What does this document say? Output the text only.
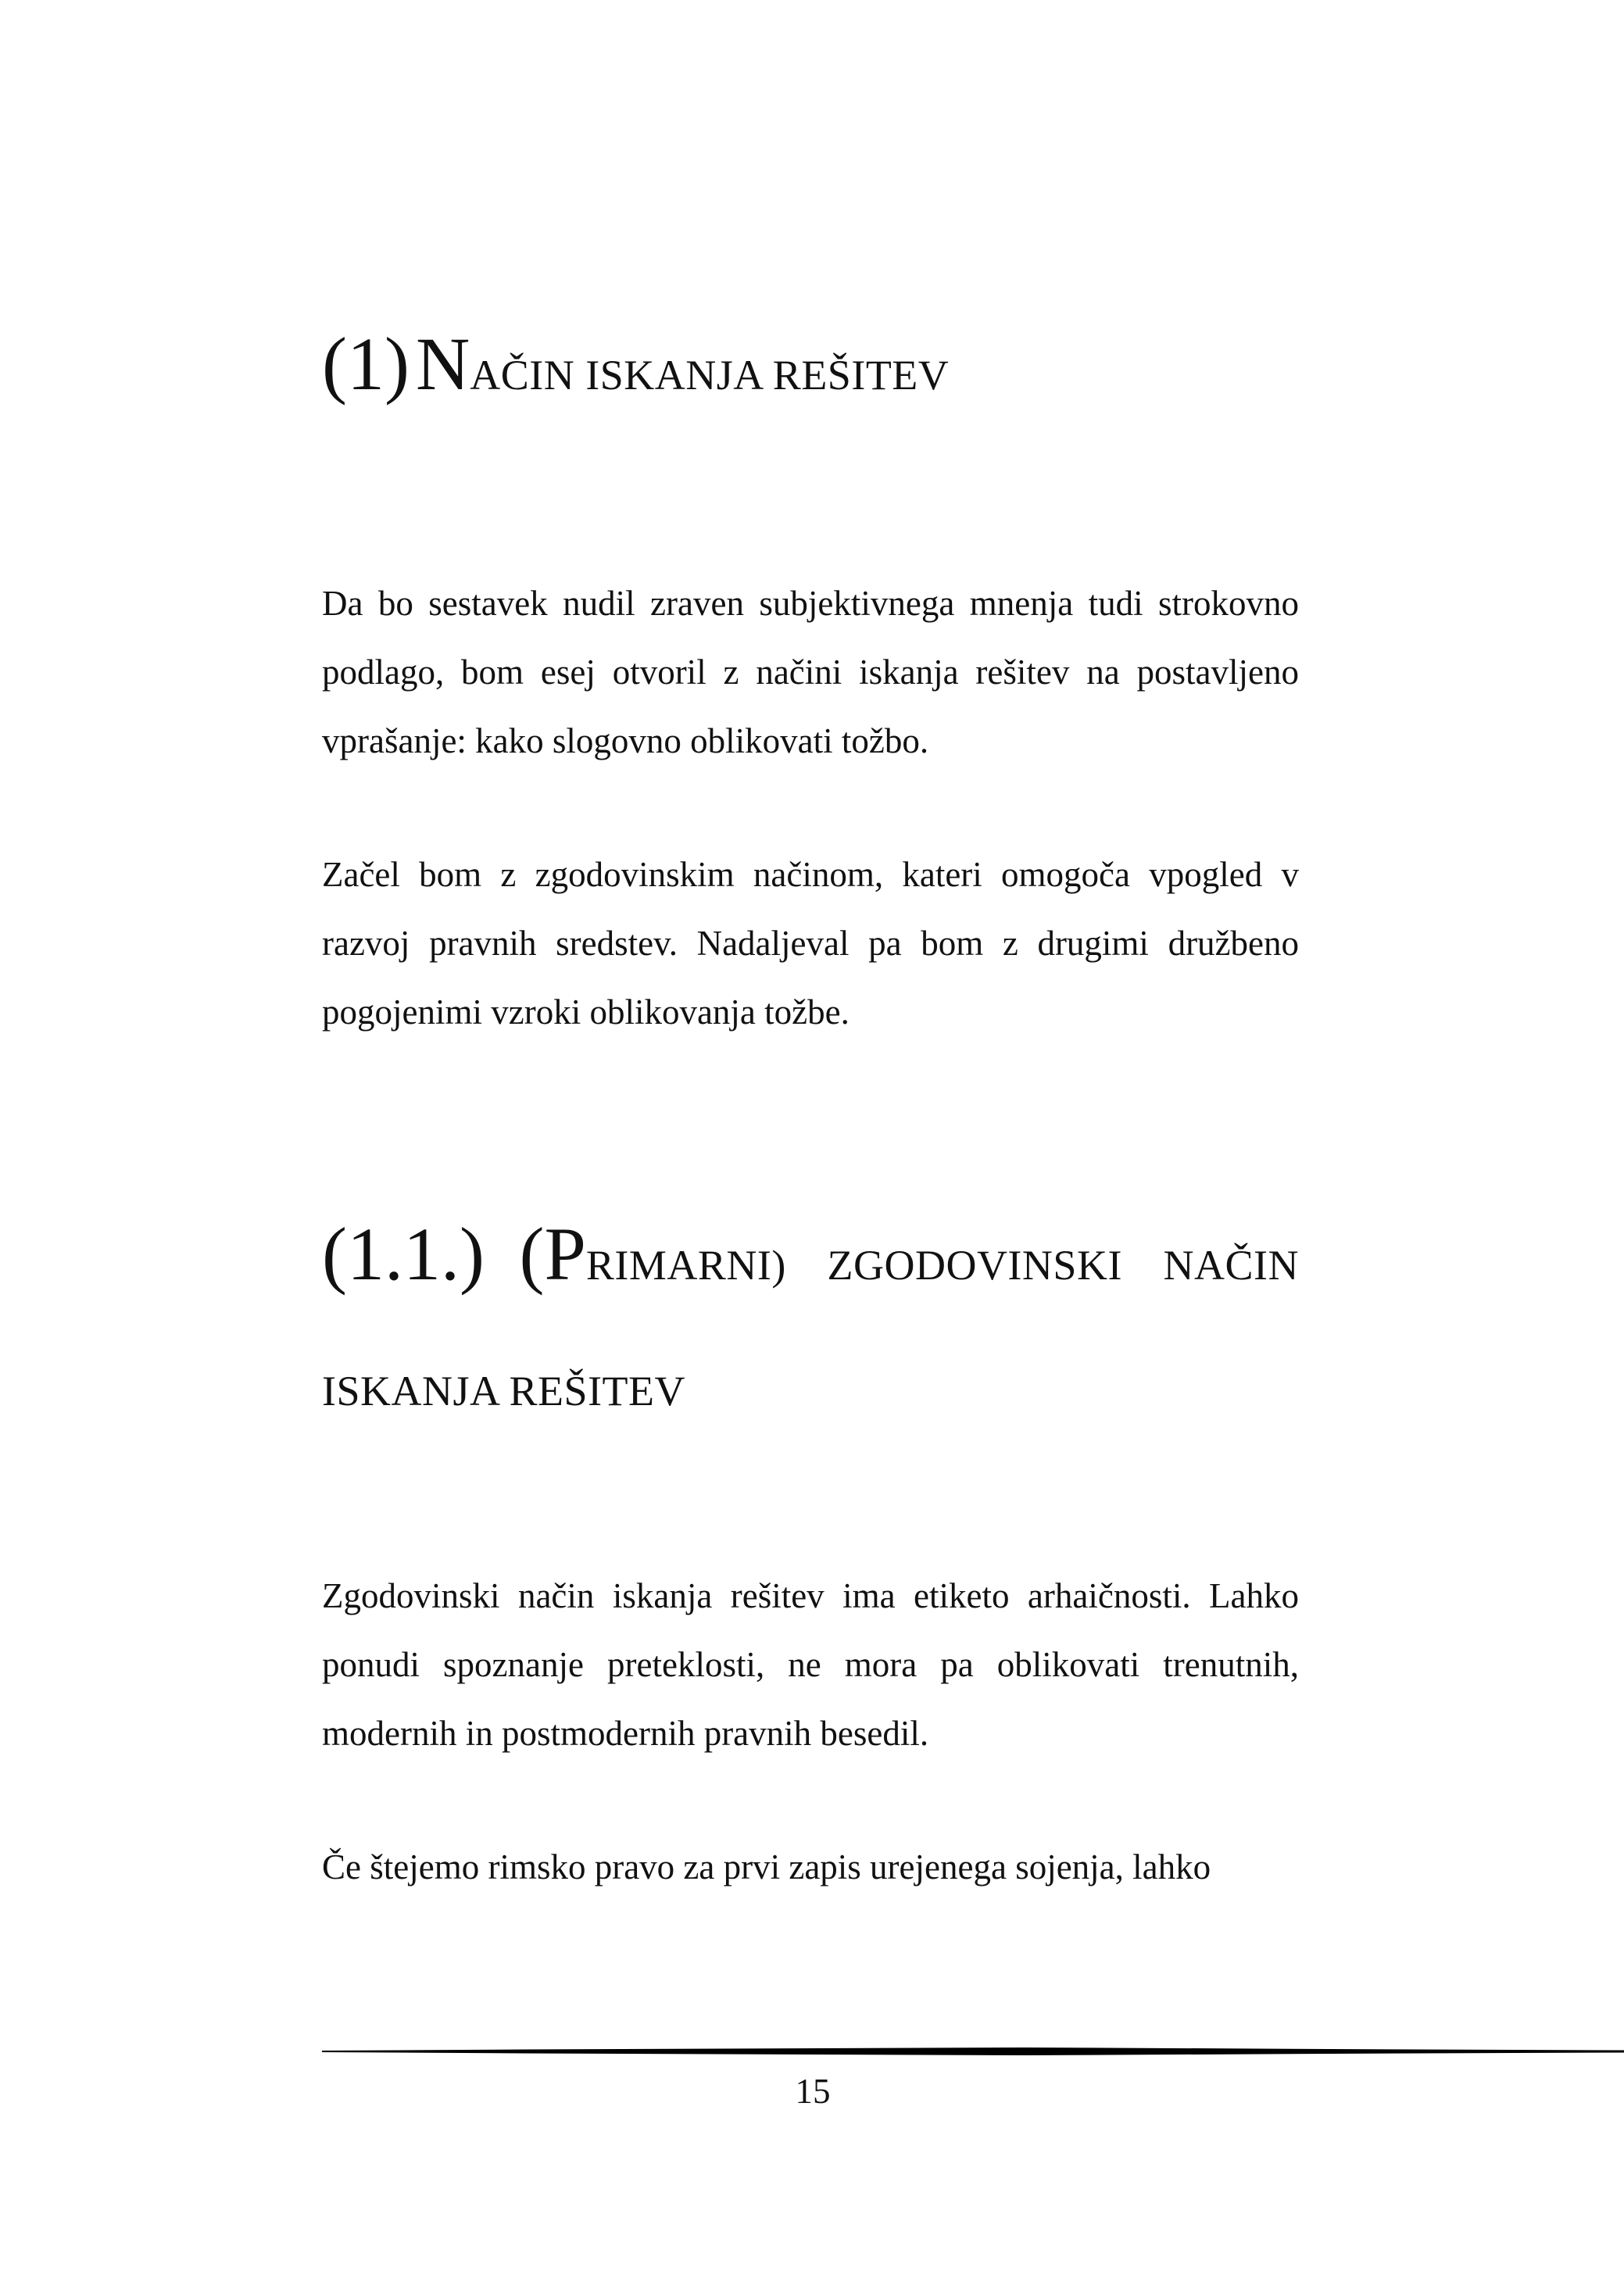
(1) NAČIN ISKANJA REŠITEV

Da bo sestavek nudil zraven subjektivnega mnenja tudi strokovno podlago, bom esej otvoril z načini iskanja rešitev na postavljeno vprašanje: kako slogovno oblikovati tožbo.

Začel bom z zgodovinskim načinom, kateri omogoča vpogled v razvoj pravnih sredstev. Nadaljeval pa bom z drugimi družbeno pogojenimi vzroki oblikovanja tožbe.

(1.1.) (PRIMARNI) ZGODOVINSKI NAČIN ISKANJA REŠITEV

Zgodovinski način iskanja rešitev ima etiketo arhaičnosti. Lahko ponudi spoznanje preteklosti, ne mora pa oblikovati trenutnih, modernih in postmodernih pravnih besedil.

Če štejemo rimsko pravo za prvi zapis urejenega sojenja, lahko

15
